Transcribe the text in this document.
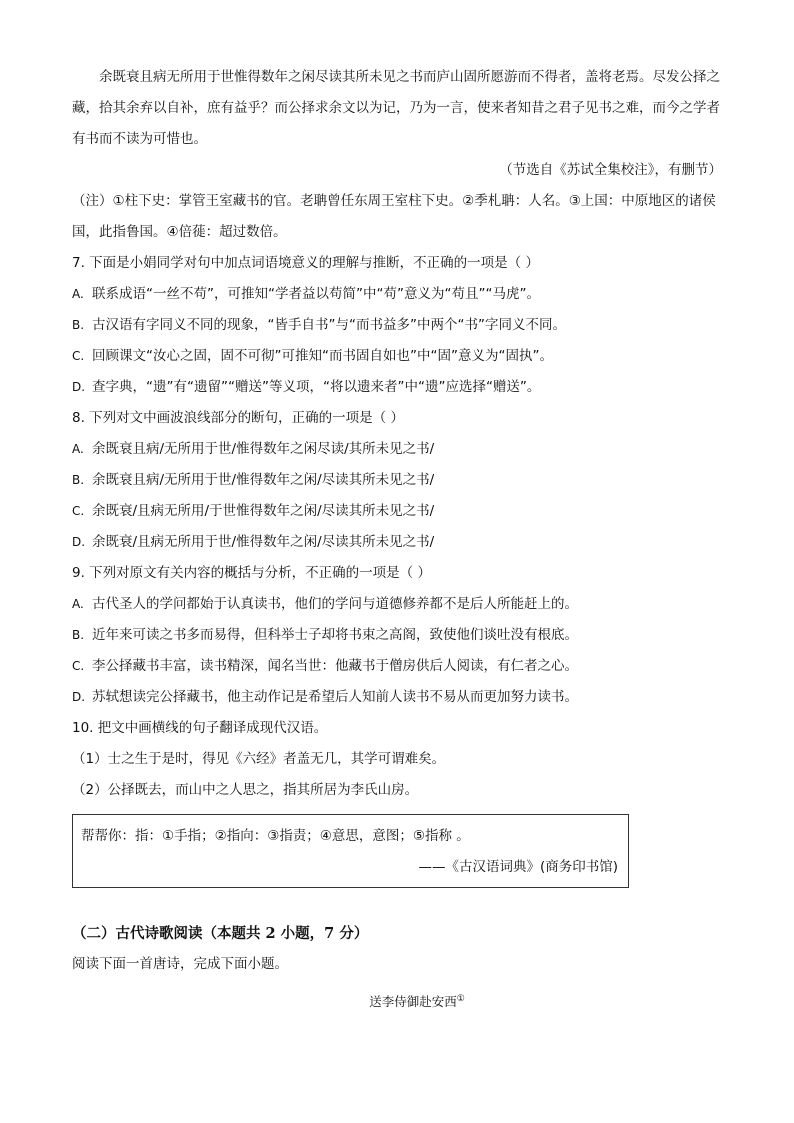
余既衰且病无所用于世惟得数年之闲尽读其所未见之书而庐山固所愿游而不得者，盖将老焉。尽发公择之藏，拾其余弃以自补，庶有益乎？而公择求余文以为记，乃为一言，使来者知昔之君子见书之难，而今之学者有书而不读为可惜也。

（节选自《苏试全集校注》，有删节）

（注）①柱下史：掌管王室藏书的官。老聃曾任东周王室柱下史。②季札聃：人名。③上国：中原地区的诸侯国，此指鲁国。④倍蓰：超过数倍。

7. 下面是小娟同学对句中加点词语境意义的理解与推断，不正确的一项是（ ）

A. 联系成语“一丝不苟”，可推知“学者益以苟简”中“苟”意义为“苟且”“马虎”。

B. 古汉语有字同义不同的现象，“皆手自书”与“而书益多”中两个“书”字同义不同。

C. 回顾课文“汝心之固，固不可彻”可推知“而书固自如也”中“固”意义为“固执”。

D. 查字典，“遗”有“遗留”“赠送”等义项，“将以遗来者”中“遗”应选择“赠送”。

8. 下列对文中画波浪线部分的断句，正确的一项是（ ）

A. 余既衰且病/无所用于世/惟得数年之闲尽读/其所未见之书/

B. 余既衰且病/无所用于世/惟得数年之闲/尽读其所未见之书/

C. 余既衰/且病无所用/于世惟得数年之闲/尽读其所未见之书/

D. 余既衰/且病无所用于世/惟得数年之闲/尽读其所未见之书/

9. 下列对原文有关内容的概括与分析，不正确的一项是（ ）

A. 古代圣人的学问都始于认真读书，他们的学问与道德修养都不是后人所能赶上的。

B. 近年来可读之书多而易得，但科举士子却将书束之高阁，致使他们谈吐没有根底。

C. 李公择藏书丰富，读书精深，闻名当世：他藏书于僧房供后人阅读，有仁者之心。

D. 苏轼想读完公择藏书，他主动作记是希望后人知前人读书不易从而更加努力读书。

10. 把文中画横线的句子翻译成现代汉语。

（1）士之生于是时，得见《六经》者盖无几，其学可谓难矣。

（2）公择既去，而山中之人思之，指其所居为李氏山房。

帮帮你：指：①手指；②指向：③指责；④意思，意图；⑤指称 。

——《古汉语词典》(商务印书馆)

（二）古代诗歌阅读（本题共 2 小题，7 分）

阅读下面一首唐诗，完成下面小题。

送李侍御赴安西①
